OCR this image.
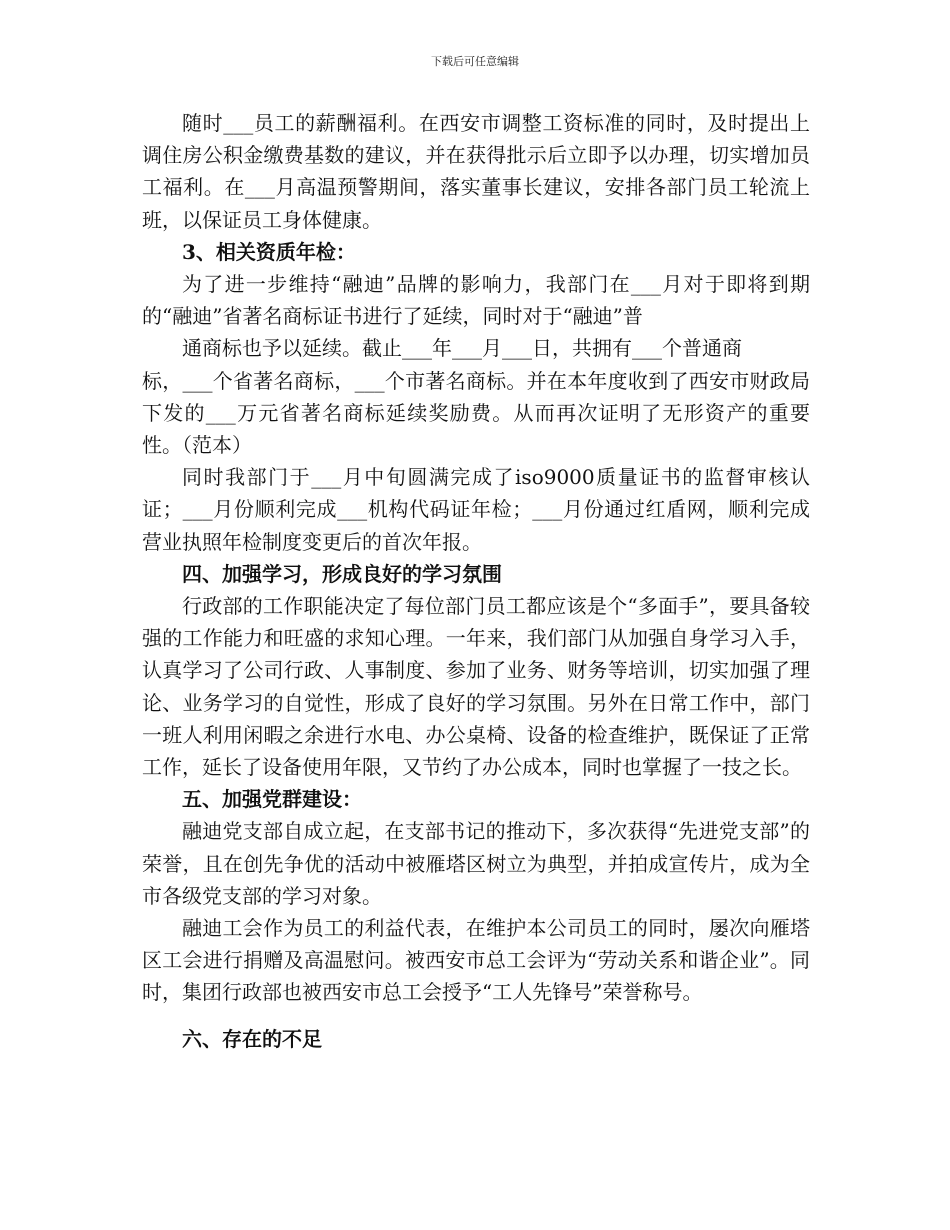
下载后可任意编辑

随时___员工的薪酬福利。在西安市调整工资标准的同时，及时提出上调住房公积金缴费基数的建议，并在获得批示后立即予以办理，切实增加员工福利。在___月高温预警期间，落实董事长建议，安排各部门员工轮流上班，以保证员工身体健康。

3、相关资质年检：

为了进一步维持“融迪”品牌的影响力，我部门在___月对于即将到期的“融迪”省著名商标证书进行了延续，同时对于“融迪”普

通商标也予以延续。截止___年___月___日，共拥有___个普通商

标，___个省著名商标，___个市著名商标。并在本年度收到了西安市财政局下发的___万元省著名商标延续奖励费。从而再次证明了无形资产的重要性。（范本）

同时我部门于___月中旬圆满完成了iso9000质量证书的监督审核认证；___月份顺利完成___机构代码证年检；___月份通过红盾网，顺利完成营业执照年检制度变更后的首次年报。

四、加强学习，形成良好的学习氛围

行政部的工作职能决定了每位部门员工都应该是个“多面手”，要具备较强的工作能力和旺盛的求知心理。一年来，我们部门从加强自身学习入手，认真学习了公司行政、人事制度、参加了业务、财务等培训，切实加强了理论、业务学习的自觉性，形成了良好的学习氛围。另外在日常工作中，部门一班人利用闲暇之余进行水电、办公桌椅、设备的检查维护，既保证了正常工作，延长了设备使用年限，又节约了办公成本，同时也掌握了一技之长。

五、加强党群建设：

融迪党支部自成立起，在支部书记的推动下，多次获得“先进党支部”的荣誉，且在创先争优的活动中被雁塔区树立为典型，并拍成宣传片，成为全市各级党支部的学习对象。

融迪工会作为员工的利益代表，在维护本公司员工的同时，屡次向雁塔区工会进行捐赠及高温慰问。被西安市总工会评为“劳动关系和谐企业”。同时，集团行政部也被西安市总工会授予“工人先锋号”荣誉称号。

六、存在的不足
